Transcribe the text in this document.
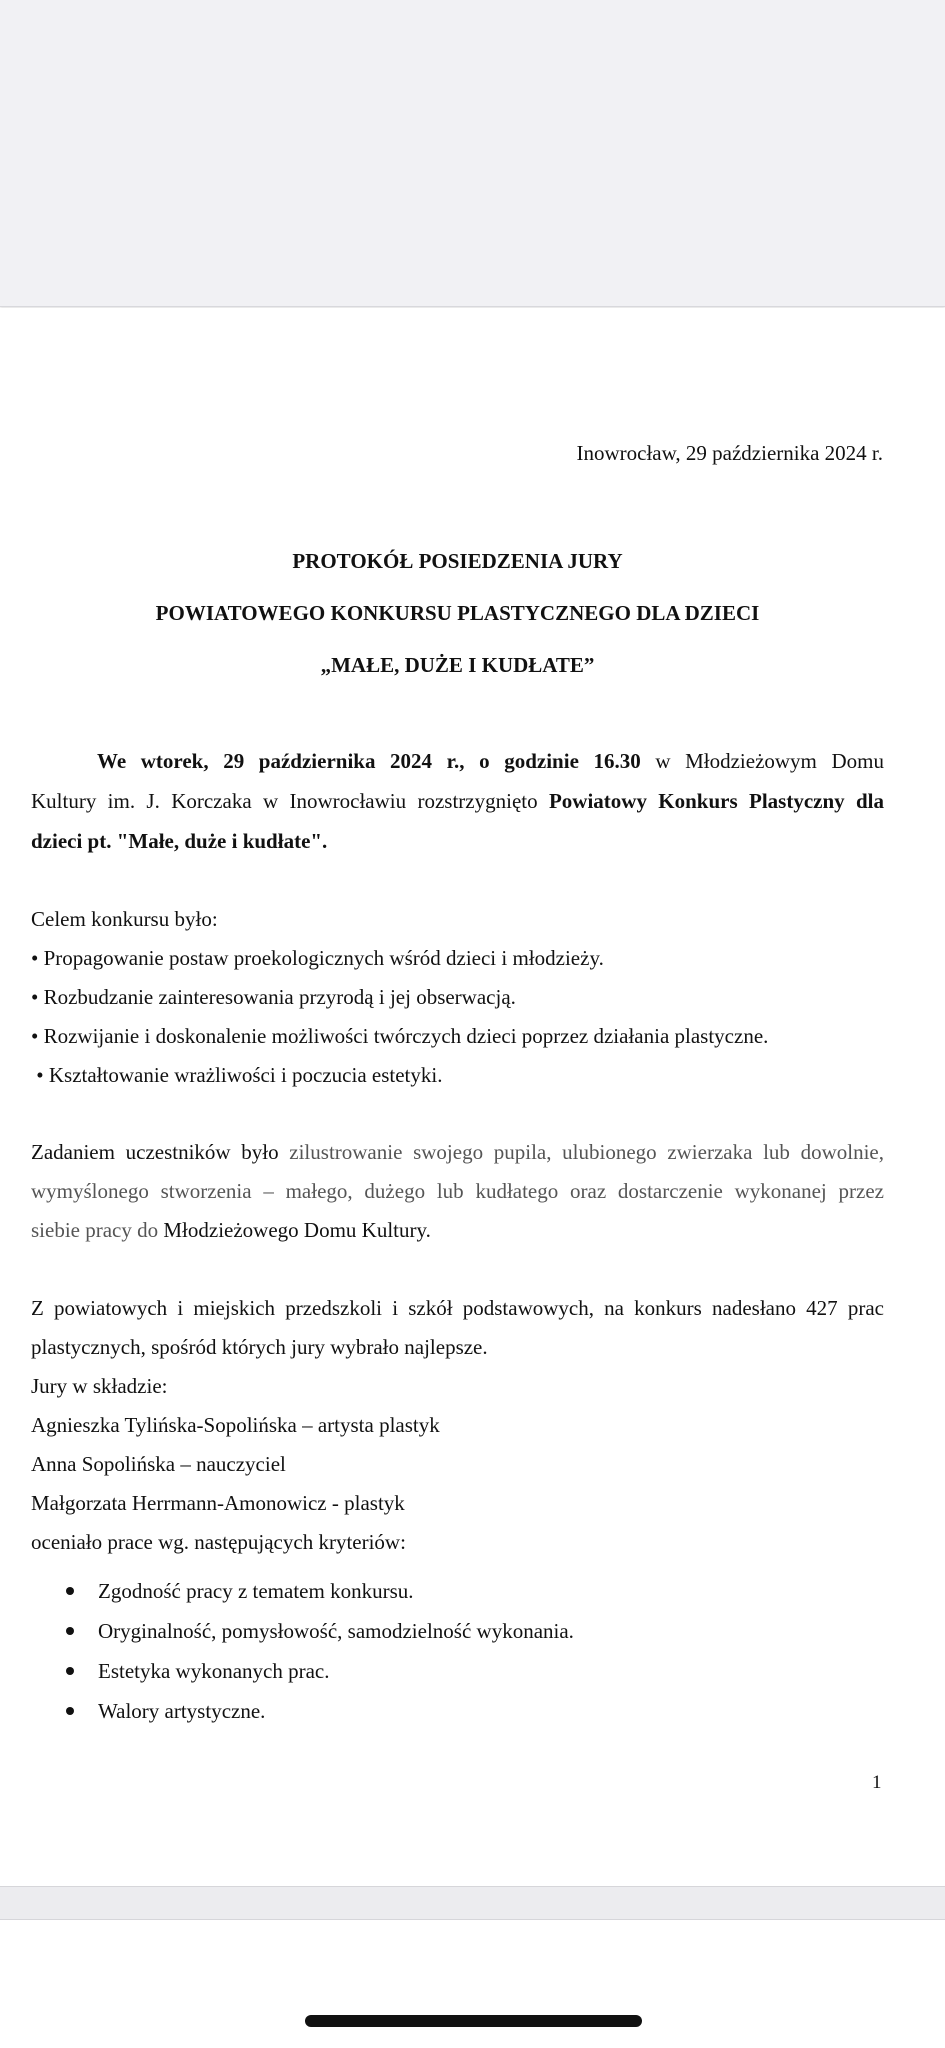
Inowrocław, 29 października 2024 r.
PROTOKÓŁ POSIEDZENIA JURY
POWIATOWEGO KONKURSU PLASTYCZNEGO DLA DZIECI
„MAŁE, DUŻE I KUDŁATE”
We wtorek, 29 października 2024 r., o godzinie 16.30 w Młodzieżowym Domu
Kultury im. J. Korczaka w Inowrocławiu rozstrzygnięto Powiatowy Konkurs Plastyczny dla
dzieci pt. "Małe, duże i kudłate".
Celem konkursu było:
• Propagowanie postaw proekologicznych wśród dzieci i młodzieży.
• Rozbudzanie zainteresowania przyrodą i jej obserwacją.
• Rozwijanie i doskonalenie możliwości twórczych dzieci poprzez działania plastyczne.
• Kształtowanie wrażliwości i poczucia estetyki.
Zadaniem uczestników było zilustrowanie swojego pupila, ulubionego zwierzaka lub dowolnie,
wymyślonego stworzenia – małego, dużego lub kudłatego oraz dostarczenie wykonanej przez
siebie pracy do Młodzieżowego Domu Kultury.
Z powiatowych i miejskich przedszkoli i szkół podstawowych, na konkurs nadesłano 427 prac
plastycznych, spośród których jury wybrało najlepsze.
Jury w składzie:
Agnieszka Tylińska-Sopolińska – artysta plastyk
Anna Sopolińska – nauczyciel
Małgorzata Herrmann-Amonowicz - plastyk
oceniało prace wg. następujących kryteriów:
Zgodność pracy z tematem konkursu.
Oryginalność, pomysłowość, samodzielność wykonania.
Estetyka wykonanych prac.
Walory artystyczne.
1
